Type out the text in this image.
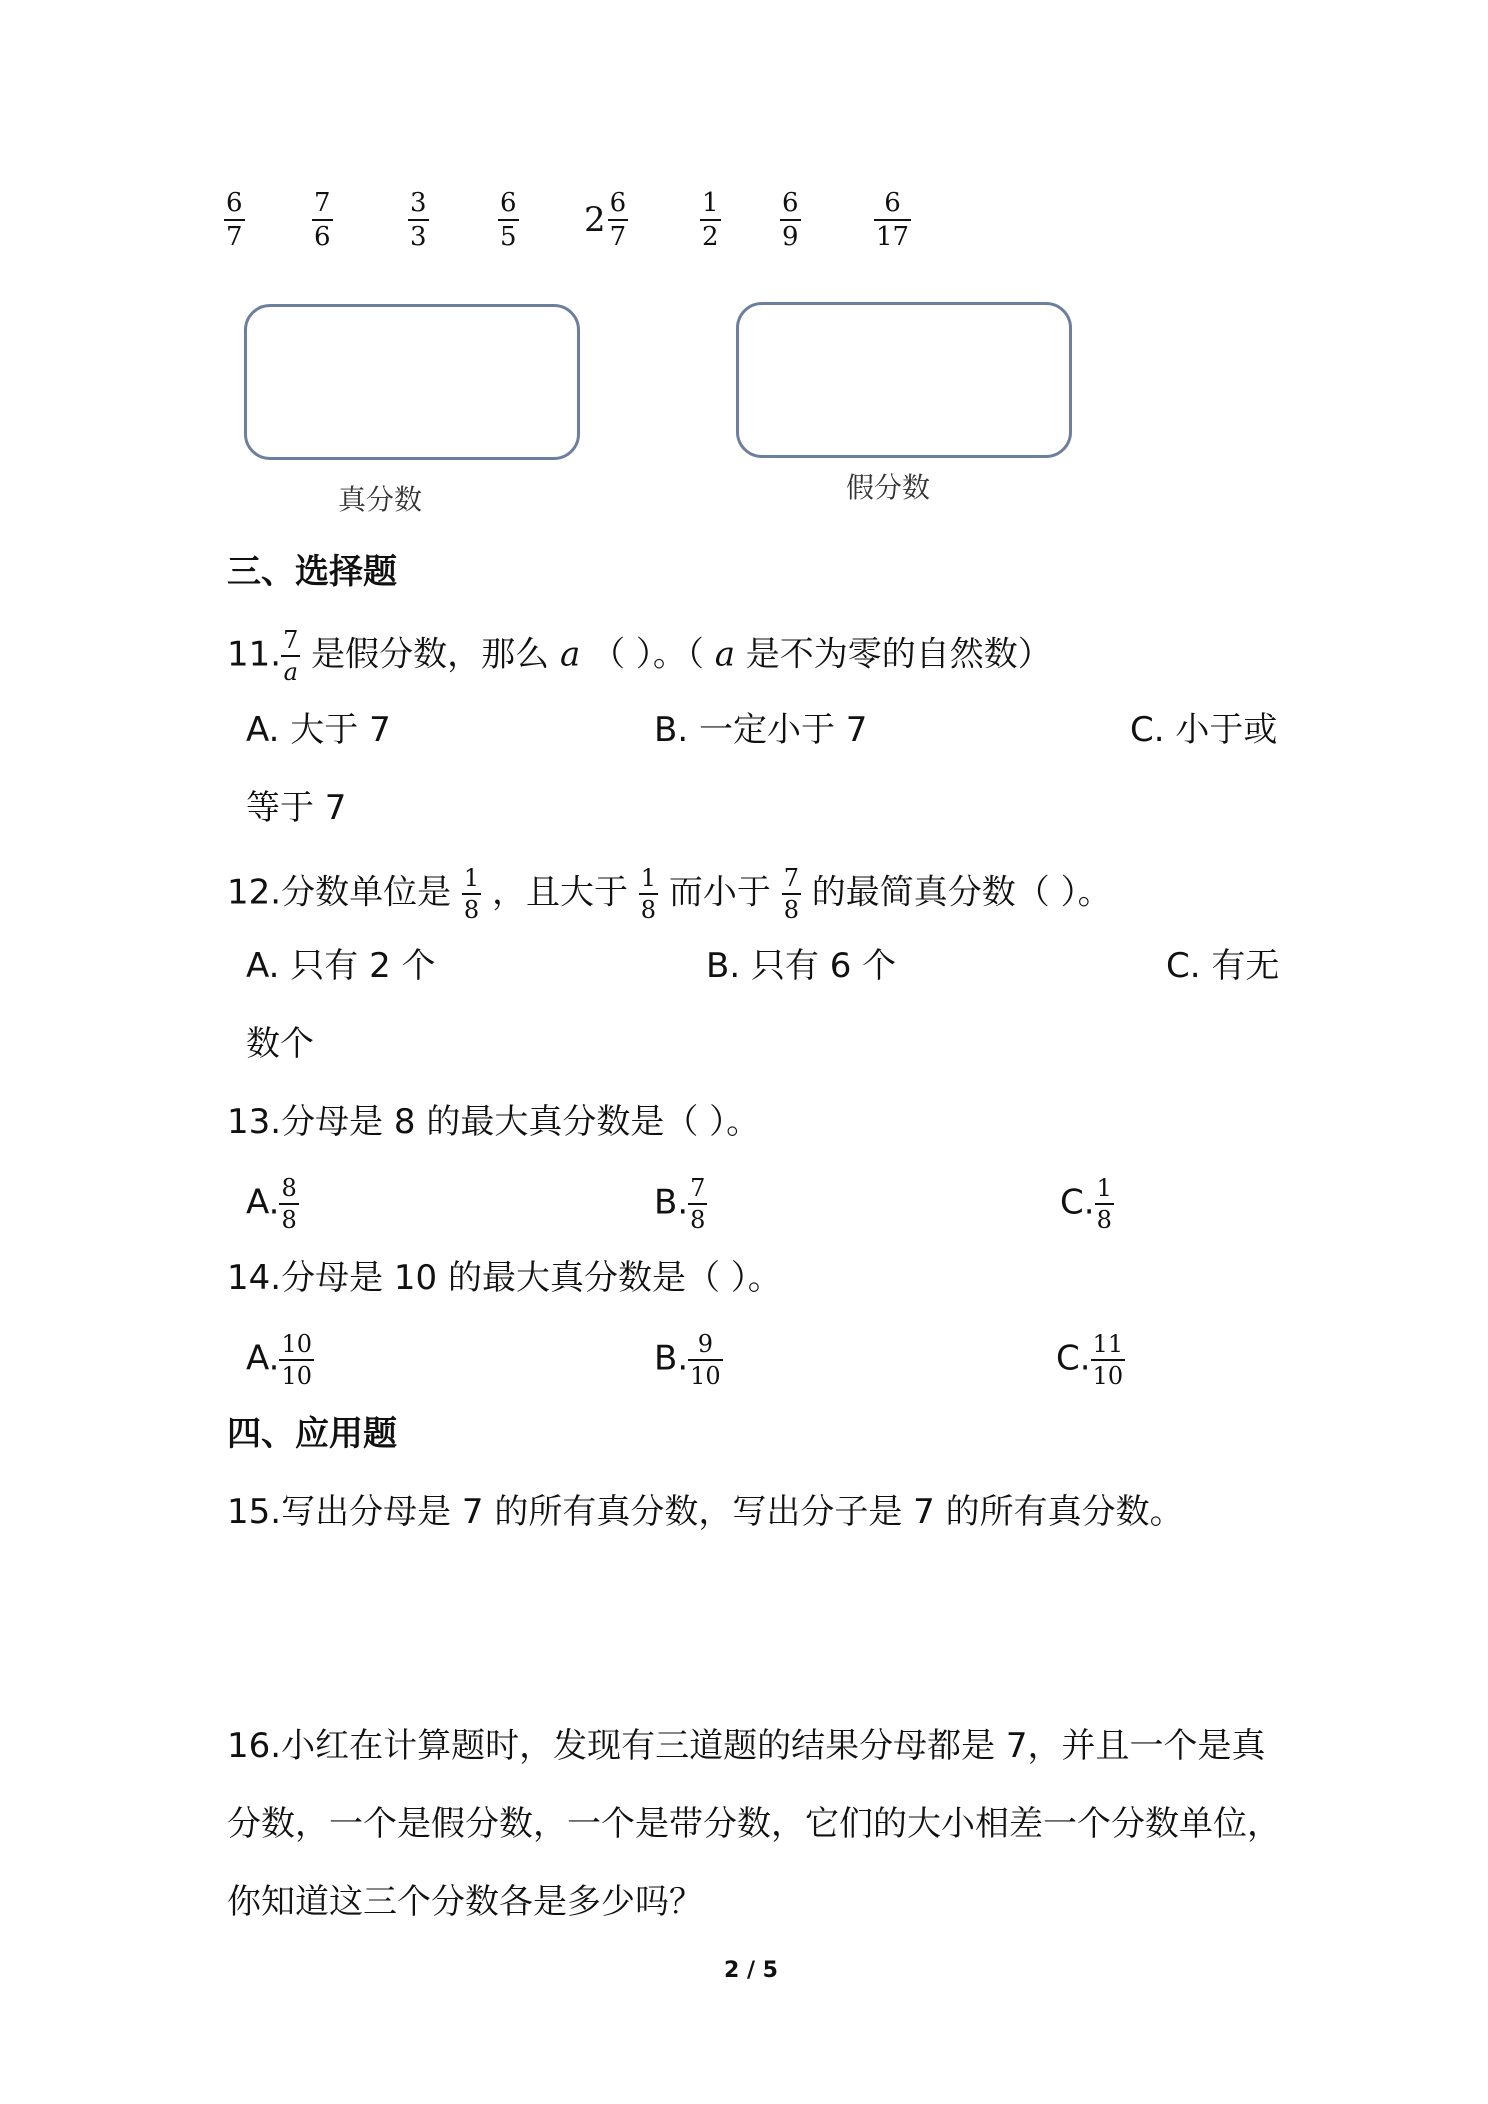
$\frac{6}{7}$	$\frac{7}{6}$	$\frac{3}{3}$	$\frac{6}{5} 2 \frac{6}{7}$	$\frac{1}{2} \frac{6}{9}$	$\frac{6}{17}$
真分数	假分数
三、选择题
11. $\frac{7}{a}$ 是假分数，那么 a （ ）。（ a 是不为零的自然数）
A. 大于 7	B. 一定小于 7	C. 小于或
等于 7
12.分数单位是 $\frac{1}{8}$ ，且大于 $\frac{1}{8}$ 而小于 $\frac{7}{8}$ 的最简真分数（ ）。
A. 只有 2 个	B. 只有 6 个	C. 有无
数个
13.分母是 8 的最大真分数是（ ）。
A. $\frac{8}{8}$	B. $\frac{7}{8}$	C. $\frac{1}{8}$
14.分母是 10 的最大真分数是（ ）。
A. $\frac{10}{10}$	B. $\frac{9}{10}$	C. $\frac{11}{10}$
四、应用题
15.写出分母是 7 的所有真分数，写出分子是 7 的所有真分数。
16.小红在计算题时，发现有三道题的结果分母都是 7，并且一个是真
分数，一个是假分数，一个是带分数，它们的大小相差一个分数单位，
你知道这三个分数各是多少吗？
2 / 5
